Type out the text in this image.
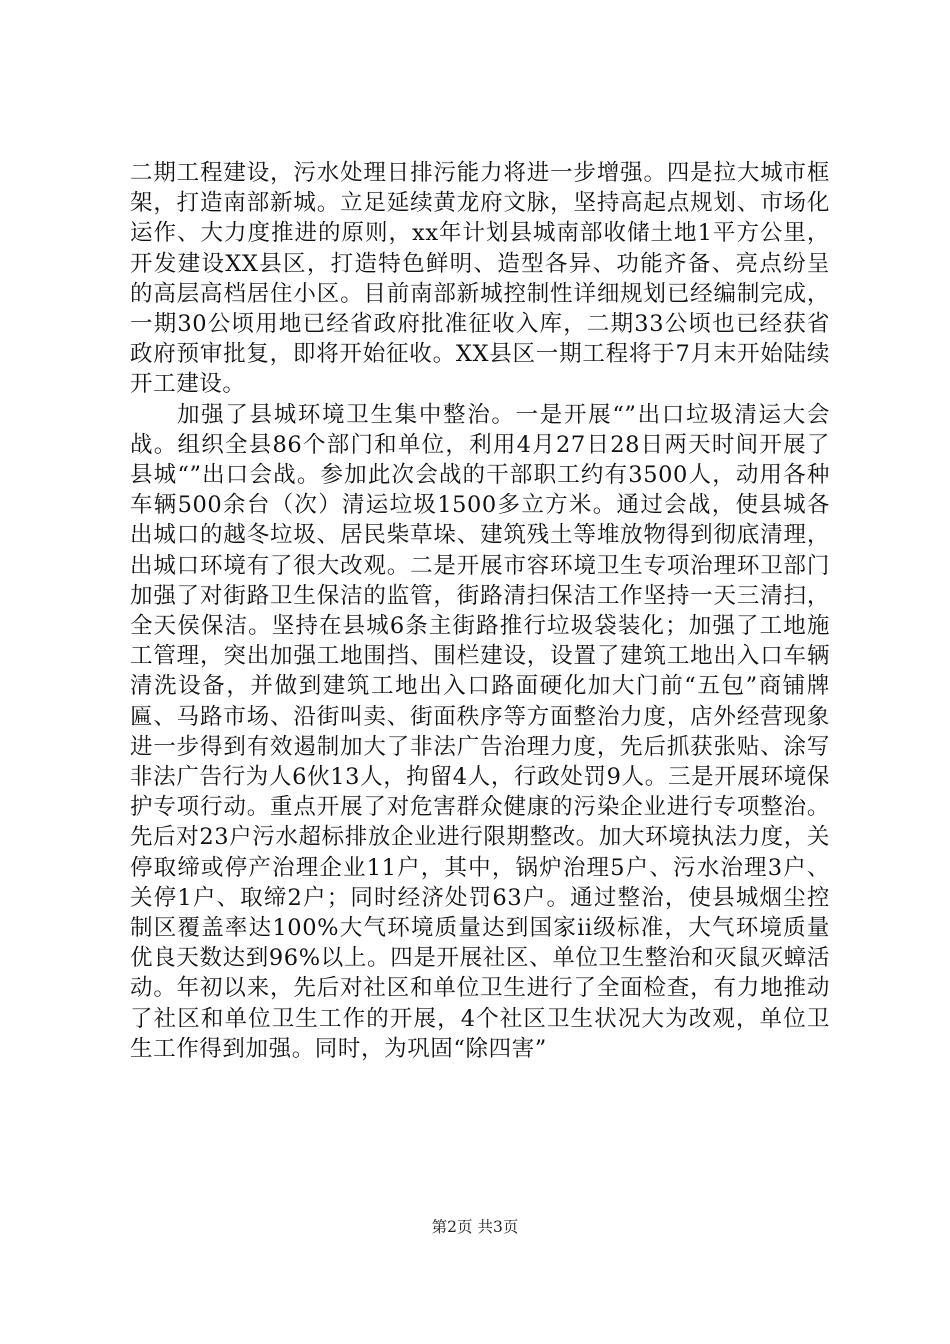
二期工程建设，污水处理日排污能力将进一步增强。四是拉大城市框架，打造南部新城。立足延续黄龙府文脉，坚持高起点规划、市场化运作、大力度推进的原则，xx年计划县城南部收储土地1平方公里，开发建设XX县区，打造特色鲜明、造型各异、功能齐备、亮点纷呈的高层高档居住小区。目前南部新城控制性详细规划已经编制完成，一期30公顷用地已经省政府批准征收入库，二期33公顷也已经获省政府预审批复，即将开始征收。XX县区一期工程将于7月末开始陆续开工建设。

加强了县城环境卫生集中整治。一是开展“”出口垃圾清运大会战。组织全县86个部门和单位，利用4月27日28日两天时间开展了县城“”出口会战。参加此次会战的干部职工约有3500人，动用各种车辆500余台（次）清运垃圾1500多立方米。通过会战，使县城各出城口的越冬垃圾、居民柴草垛、建筑残土等堆放物得到彻底清理，出城口环境有了很大改观。二是开展市容环境卫生专项治理环卫部门加强了对街路卫生保洁的监管，街路清扫保洁工作坚持一天三清扫，全天侯保洁。坚持在县城6条主街路推行垃圾袋装化；加强了工地施工管理，突出加强工地围挡、围栏建设，设置了建筑工地出入口车辆清洗设备，并做到建筑工地出入口路面硬化加大门前“五包”商铺牌匾、马路市场、沿街叫卖、街面秩序等方面整治力度，店外经营现象进一步得到有效遏制加大了非法广告治理力度，先后抓获张贴、涂写非法广告行为人6伙13人，拘留4人，行政处罚9人。三是开展环境保护专项行动。重点开展了对危害群众健康的污染企业进行专项整治。先后对23户污水超标排放企业进行限期整改。加大环境执法力度，关停取缔或停产治理企业11户，其中，锅炉治理5户、污水治理3户、关停1户、取缔2户；同时经济处罚63户。通过整治，使县城烟尘控制区覆盖率达100%大气环境质量达到国家ii级标准，大气环境质量优良天数达到96%以上。四是开展社区、单位卫生整治和灭鼠灭蟑活动。年初以来，先后对社区和单位卫生进行了全面检查，有力地推动了社区和单位卫生工作的开展，4个社区卫生状况大为改观，单位卫生工作得到加强。同时，为巩固“除四害”

第2页 共3页
